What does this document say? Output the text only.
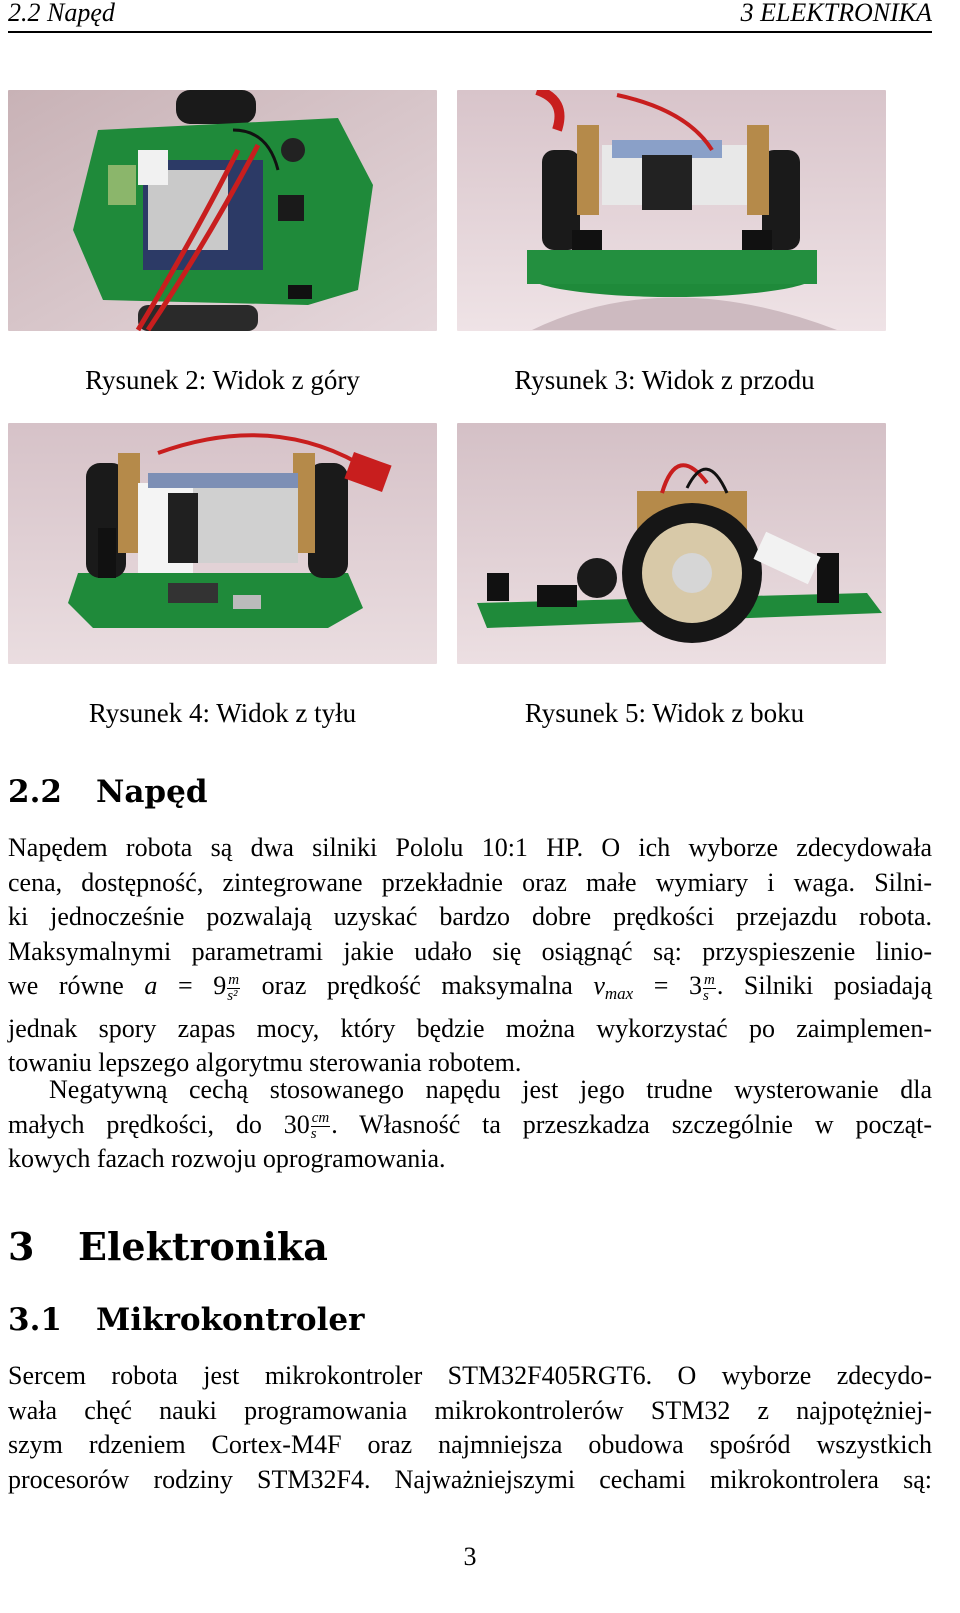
2.2 Napęd	3 ELEKTRONIKA
Rysunek 2: Widok z góry	Rysunek 3: Widok z przodu
Rysunek 4: Widok z tyłu	Rysunek 5: Widok z boku
2.2 Napęd
Napędem robota są dwa silniki Pololu 10:1 HP. O ich wyborze zdecydowała
cena, dostępność, zintegrowane przekładnie oraz małe wymiary i waga. Silni-
ki jednocześnie pozwalają uzyskać bardzo dobre prędkości przejazdu robota.
Maksymalnymi parametrami jakie udało się osiągnąć są: przyspieszenie linio-
we równe $a = 9 \frac{m}{\text{s²}}$ oraz prędkość maksymalna $v_{max} = 3 \frac{m}{s}$ . Silniki posiadają
jednak spory zapas mocy, który będzie można wykorzystać po zaimplemen-
towaniu lepszego algorytmu sterowania robotem.
Negatywną cechą stosowanego napędu jest jego trudne wysterowanie dla
małych prędkości, do $30 \frac{cm}{s}$ . Własność ta przeszkadza szczególnie w począt-
kowych fazach rozwoju oprogramowania.
3 Elektronika
3.1 Mikrokontroler
Sercem robota jest mikrokontroler STM32F405RGT6. O wyborze zdecydo-
wała chęć nauki programowania mikrokontrolerów STM32 z najpotężniej-
szym rdzeniem Cortex-M4F oraz najmniejsza obudowa spośród wszystkich
procesorów rodziny STM32F4. Najważniejszymi cechami mikrokontrolera są:
3
